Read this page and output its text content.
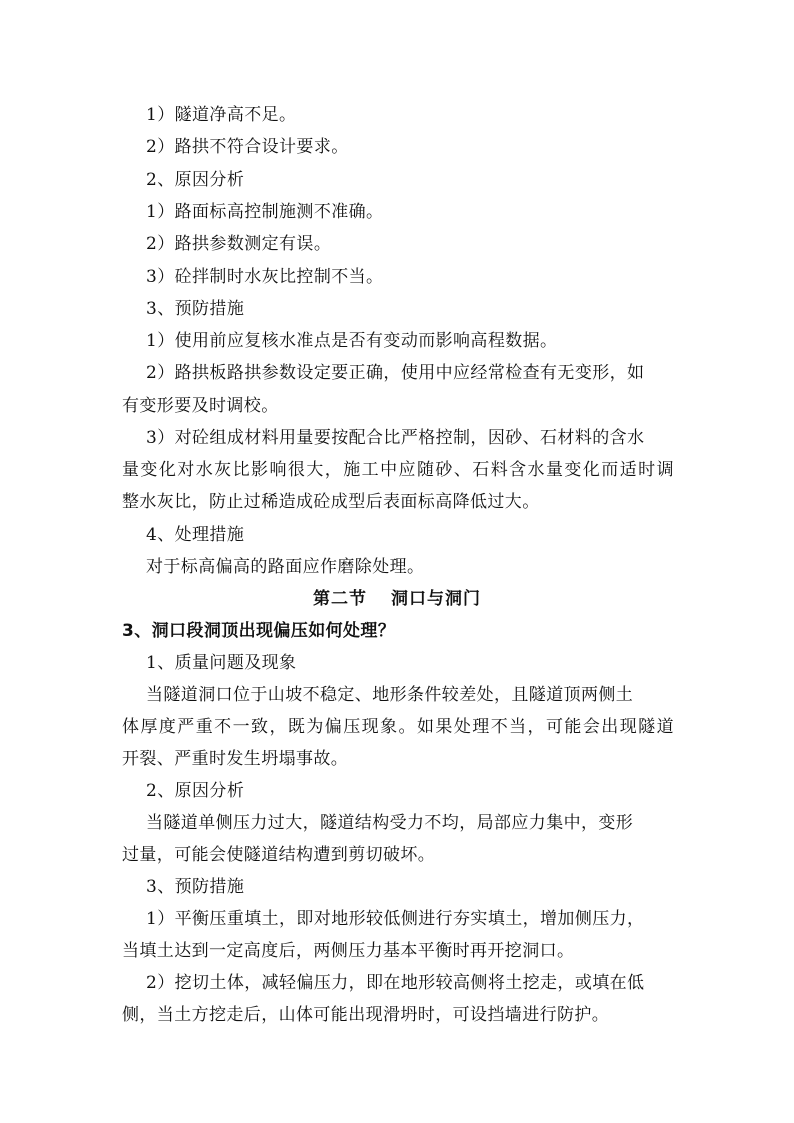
1）隧道净高不足。
2）路拱不符合设计要求。
2、原因分析
1）路面标高控制施测不准确。
2）路拱参数测定有误。
3）砼拌制时水灰比控制不当。
3、预防措施
1）使用前应复核水准点是否有变动而影响高程数据。
2）路拱板路拱参数设定要正确，使用中应经常检查有无变形，如
有变形要及时调校。
3）对砼组成材料用量要按配合比严格控制，因砂、石材料的含水
量变化对水灰比影响很大，施工中应随砂、石料含水量变化而适时调
整水灰比，防止过稀造成砼成型后表面标高降低过大。
4、处理措施
对于标高偏高的路面应作磨除处理。
第二节 洞口与洞门
3、洞口段洞顶出现偏压如何处理？
1、质量问题及现象
当隧道洞口位于山坡不稳定、地形条件较差处，且隧道顶两侧土
体厚度严重不一致，既为偏压现象。如果处理不当，可能会出现隧道
开裂、严重时发生坍塌事故。
2、原因分析
当隧道单侧压力过大，隧道结构受力不均，局部应力集中，变形
过量，可能会使隧道结构遭到剪切破坏。
3、预防措施
1）平衡压重填土，即对地形较低侧进行夯实填土，增加侧压力，
当填土达到一定高度后，两侧压力基本平衡时再开挖洞口。
2）挖切土体，减轻偏压力，即在地形较高侧将土挖走，或填在低
侧，当土方挖走后，山体可能出现滑坍时，可设挡墙进行防护。
